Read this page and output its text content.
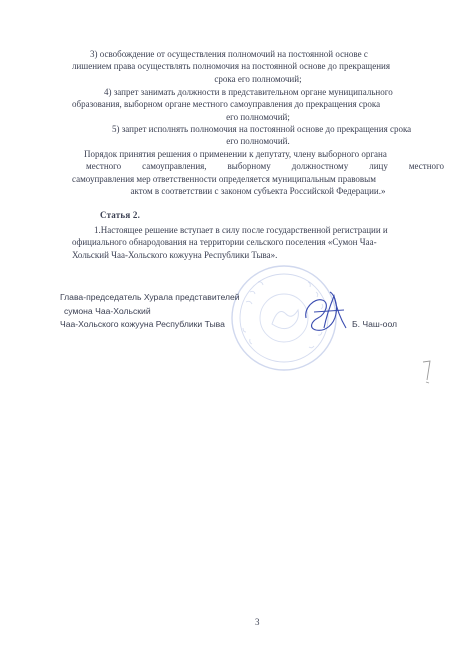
3) освобождение от осуществления полномочий на постоянной основе с
лишением права осуществлять полномочия на постоянной основе до прекращения
срока его полномочий;
4) запрет занимать должности в представительном органе муниципального
образования, выборном органе местного самоуправления до прекращения срока
его полномочий;
5) запрет исполнять полномочия на постоянной основе до прекращения срока
его полномочий.
Порядок принятия решения о применении к депутату, члену выборного органа
местного самоуправления, выборному должностному лицу местного
самоуправления мер ответственности определяется муниципальным правовым
актом в соответствии с законом субъекта Российской Федерации.»
Статья 2.
1.Настоящее решение вступает в силу после государственной регистрации и
официального обнародования на территории сельского поселения «Сумон Чаа-
Хольский Чаа-Хольского кожууна Республики Тыва».
Глава-председатель Хурала представителей
сумона Чаа-Хольский
Чаа-Хольского кожууна Республики Тыва	Б. Чаш-оол
3
